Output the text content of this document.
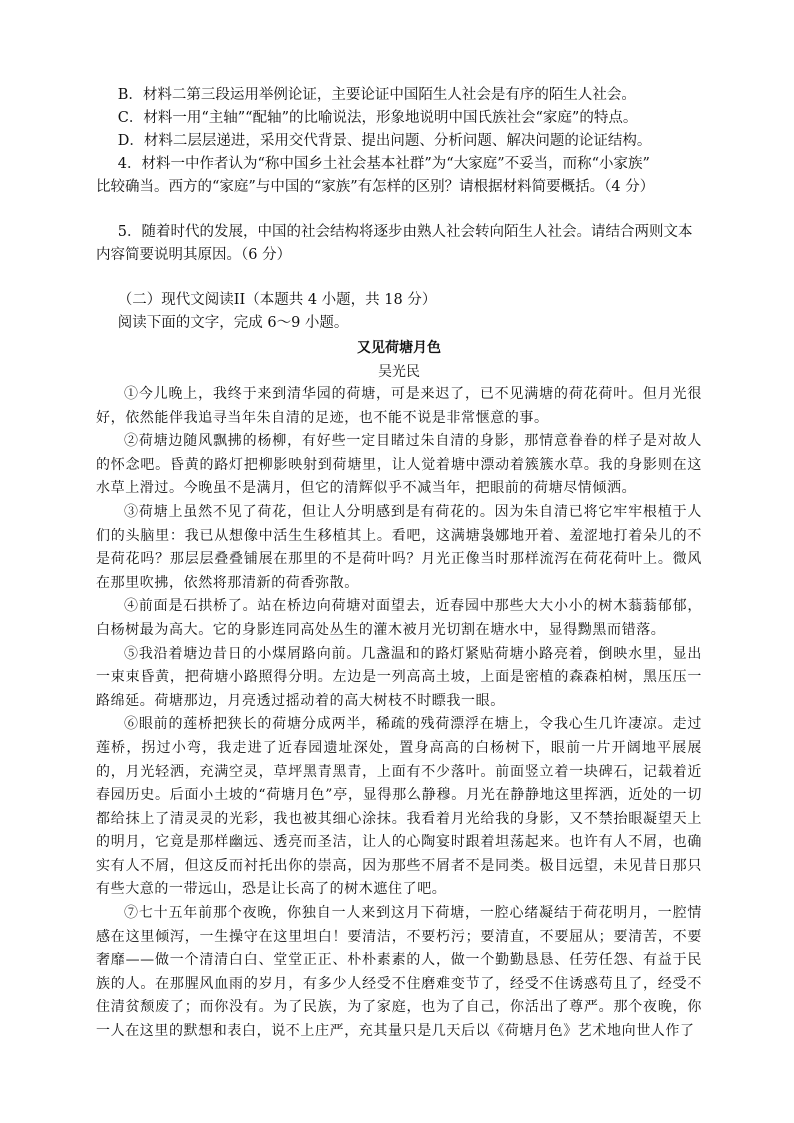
B．材料二第三段运用举例论证，主要论证中国陌生人社会是有序的陌生人社会。
C．材料一用“主轴”“配轴”的比喻说法，形象地说明中国氏族社会“家庭”的特点。
D．材料二层层递进，采用交代背景、提出问题、分析问题、解决问题的论证结构。
4．材料一中作者认为“称中国乡土社会基本社群”为“大家庭”不妥当，而称“小家族”
比较确当。西方的“家庭”与中国的“家族”有怎样的区别？请根据材料简要概括。（4 分）
5．随着时代的发展，中国的社会结构将逐步由熟人社会转向陌生人社会。请结合两则文本
内容简要说明其原因。（6 分）
（二）现代文阅读II（本题共 4 小题，共 18 分）
阅读下面的文字，完成 6～9 小题。
又见荷塘月色
吴光民

①今儿晚上，我终于来到清华园的荷塘，可是来迟了，已不见满塘的荷花荷叶。但月光很好，依然能伴我追寻当年朱自清的足迹，也不能不说是非常惬意的事。

②荷塘边随风飘拂的杨柳，有好些一定目睹过朱自清的身影，那情意眷眷的样子是对故人的怀念吧。昏黄的路灯把柳影映射到荷塘里，让人觉着塘中漂动着簇簇水草。我的身影则在这水草上滑过。今晚虽不是满月，但它的清辉似乎不减当年，把眼前的荷塘尽情倾洒。

③荷塘上虽然不见了荷花，但让人分明感到是有荷花的。因为朱自清已将它牢牢根植于人们的头脑里：我已从想像中活生生移植其上。看吧，这满塘袅娜地开着、羞涩地打着朵儿的不是荷花吗？那层层叠叠铺展在那里的不是荷叶吗？月光正像当时那样流泻在荷花荷叶上。微风在那里吹拂，依然将那清新的荷香弥散。

④前面是石拱桥了。站在桥边向荷塘对面望去，近春园中那些大大小小的树木蓊蓊郁郁，白杨树最为高大。它的身影连同高处丛生的灌木被月光切割在塘水中，显得黝黑而错落。

⑤我沿着塘边昔日的小煤屑路向前。几盏温和的路灯紧贴荷塘小路亮着，倒映水里，显出一束束昏黄，把荷塘小路照得分明。左边是一列高高土坡，上面是密植的森森柏树，黑压压一路绵延。荷塘那边，月亮透过摇动着的高大树枝不时瞟我一眼。

⑥眼前的莲桥把狭长的荷塘分成两半，稀疏的残荷漂浮在塘上，令我心生几许凄凉。走过莲桥，拐过小弯，我走进了近春园遗址深处，置身高高的白杨树下，眼前一片开阔地平展展的，月光轻洒，充满空灵，草坪黑青黑青，上面有不少落叶。前面竖立着一块碑石，记载着近春园历史。后面小土坡的“荷塘月色”亭，显得那么静穆。月光在静静地这里挥洒，近处的一切都给抹上了清灵灵的光彩，我也被其细心涂抹。我看着月光给我的身影，又不禁抬眼凝望天上的明月，它竟是那样幽远、透亮而圣洁，让人的心陶宴时跟着坦荡起来。也许有人不屑，也确实有人不屑，但这反而衬托出你的崇高，因为那些不屑者不是同类。极目远望，未见昔日那只有些大意的一带远山，恐是让长高了的树木遮住了吧。

⑦七十五年前那个夜晚，你独自一人来到这月下荷塘，一腔心绪凝结于荷花明月，一腔情感在这里倾泻，一生操守在这里坦白！要清洁，不要朽污；要清直，不要屈从；要清苦，不要奢靡——做一个清清白白、堂堂正正、朴朴素素的人，做一个勤勤恳恳、任劳任怨、有益于民族的人。在那腥风血雨的岁月，有多少人经受不住磨难变节了，经受不住诱惑苟且了，经受不住清贫颓废了；而你没有。为了民族，为了家庭，也为了自己，你活出了尊严。那个夜晚，你一人在这里的默想和表白，说不上庄严，充其量只是几天后以《荷塘月色》艺术地向世人作了
